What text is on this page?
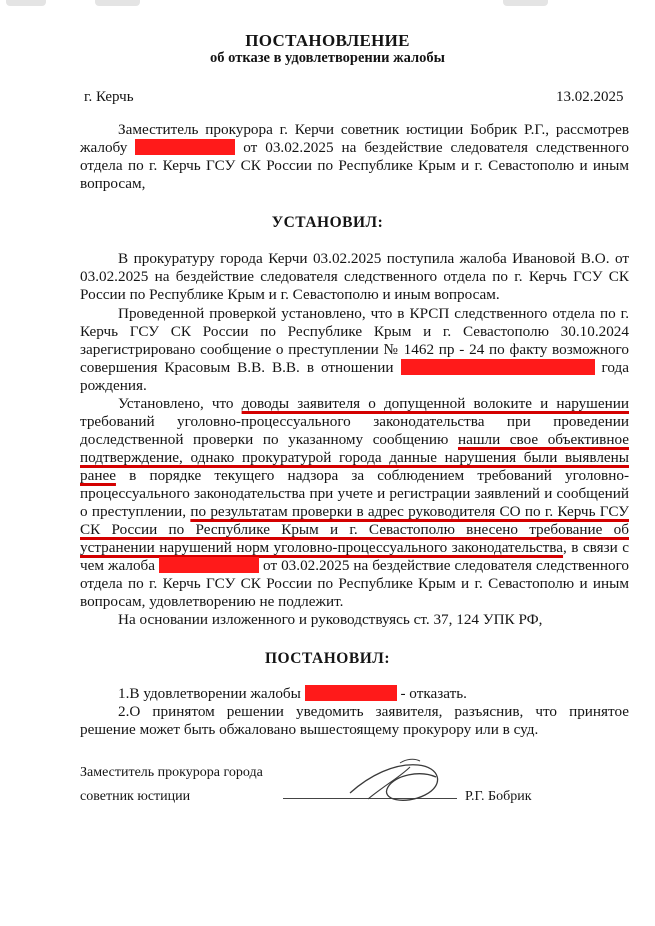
ПОСТАНОВЛЕНИЕ
об отказе в удовлетворении жалобы
г. Керчь	13.02.2025
Заместитель прокурора г. Керчи советник юстиции Бобрик Р.Г., рассмотрев жалобу	от 03.02.2025 на бездействие следователя следственного отдела по г. Керчь ГСУ СК России по Республике Крым и г. Севастополю и иным вопросам,
УСТАНОВИЛ:
В прокуратуру города Керчи 03.02.2025 поступила жалоба Ивановой В.О. от 03.02.2025 на бездействие следователя следственного отдела по г. Керчь ГСУ СК России по Республике Крым и г. Севастополю и иным вопросам.
Проведенной проверкой установлено, что в КРСП следственного отдела по г. Керчь ГСУ СК России по Республике Крым и г. Севастополю 30.10.2024 зарегистрировано сообщение о преступлении № 1462 пр - 24 по факту возможного совершения Красовым В.В. В.В. в отношении	года рождения.
Установлено, что доводы заявителя о допущенной волоките и нарушении требований уголовно-процессуального законодательства при проведении доследственной проверки по указанному сообщению нашли свое объективное подтверждение, однако прокуратурой города данные нарушения были выявлены ранее в порядке текущего надзора за соблюдением требований уголовно-процессуального законодательства при учете и регистрации заявлений и сообщений о преступлении, по результатам проверки в адрес руководителя СО по г. Керчь ГСУ СК России по Республике Крым и г. Севастополю внесено требование об устранении нарушений норм уголовно-процессуального законодательства, в связи с чем жалоба	от 03.02.2025 на бездействие следователя следственного отдела по г. Керчь ГСУ СК России по Республике Крым и г. Севастополю и иным вопросам, удовлетворению не подлежит.
На основании изложенного и руководствуясь ст. 37, 124 УПК РФ,
ПОСТАНОВИЛ:
1.В удовлетворении жалобы	- отказать.
2.О принятом решении уведомить заявителя, разъяснив, что принятое решение может быть обжаловано вышестоящему прокурору или в суд.
Заместитель прокурора города
советник юстиции	Р.Г. Бобрик
